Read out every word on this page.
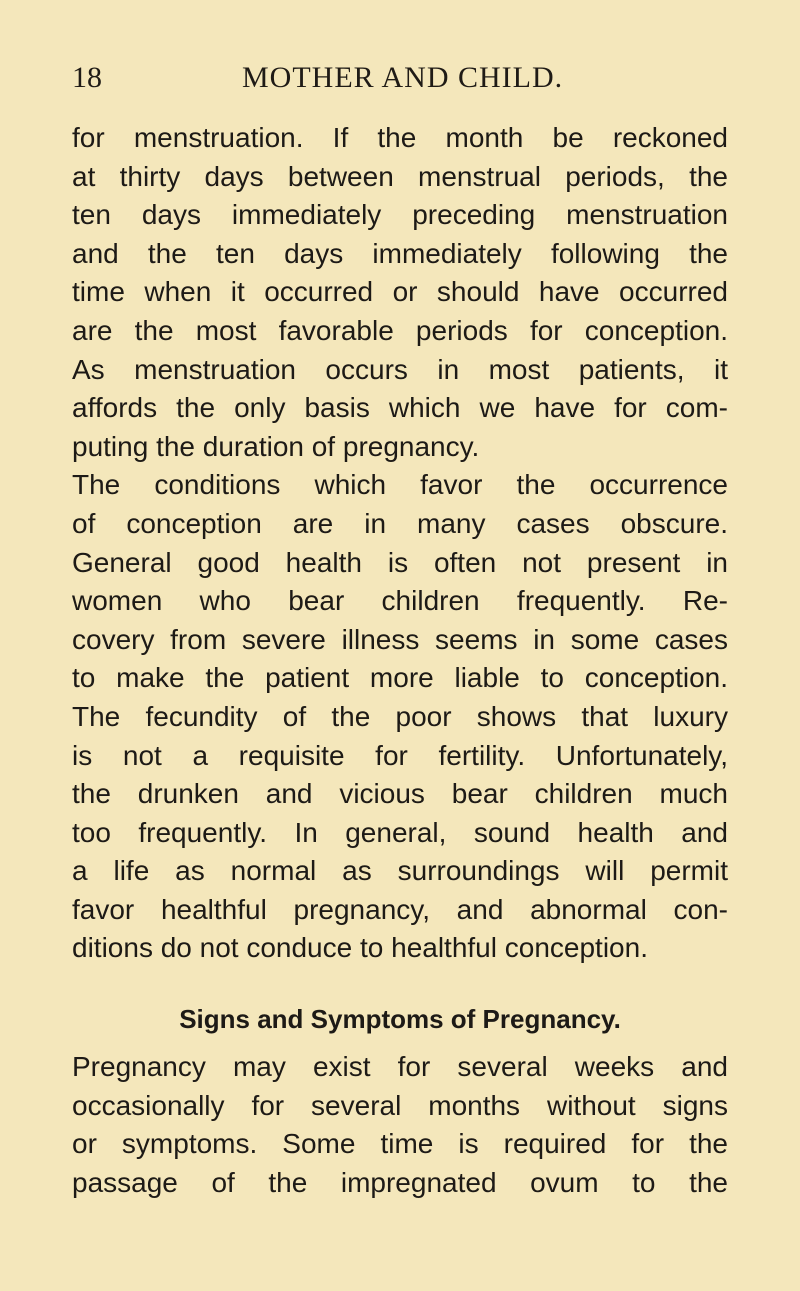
18	MOTHER AND CHILD.
for menstruation. If the month be reckoned
at thirty days between menstrual periods, the
ten days immediately preceding menstruation
and the ten days immediately following the
time when it occurred or should have occurred
are the most favorable periods for conception.
As menstruation occurs in most patients, it
affords the only basis which we have for com-
puting the duration of pregnancy.
The conditions which favor the occurrence
of conception are in many cases obscure.
General good health is often not present in
women who bear children frequently. Re-
covery from severe illness seems in some cases
to make the patient more liable to conception.
The fecundity of the poor shows that luxury
is not a requisite for fertility. Unfortunately,
the drunken and vicious bear children much
too frequently. In general, sound health and
a life as normal as surroundings will permit
favor healthful pregnancy, and abnormal con-
ditions do not conduce to healthful conception.
Signs and Symptoms of Pregnancy.
Pregnancy may exist for several weeks and
occasionally for several months without signs
or symptoms. Some time is required for the
passage of the impregnated ovum to the
